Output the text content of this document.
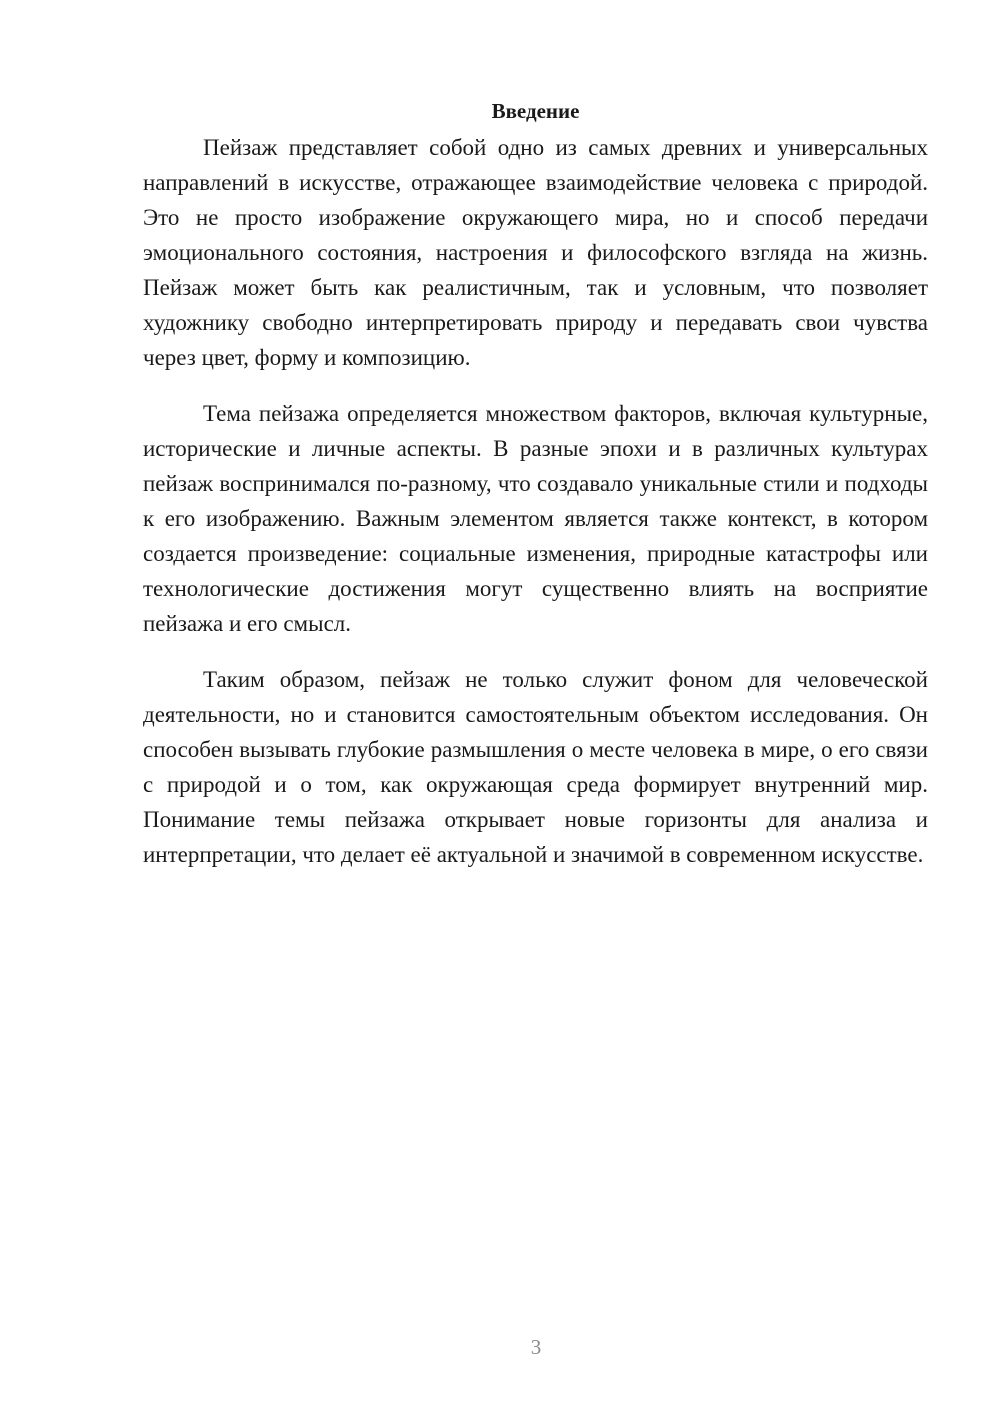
Введение

Пейзаж представляет собой одно из самых древних и универсальных направлений в искусстве, отражающее взаимодействие человека с природой. Это не просто изображение окружающего мира, но и способ передачи эмоционального состояния, настроения и философского взгляда на жизнь. Пейзаж может быть как реалистичным, так и условным, что позволяет художнику свободно интерпретировать природу и передавать свои чувства через цвет, форму и композицию.

Тема пейзажа определяется множеством факторов, включая культурные, исторические и личные аспекты. В разные эпохи и в различных культурах пейзаж воспринимался по-разному, что создавало уникальные стили и подходы к его изображению. Важным элементом является также контекст, в котором создается произведение: социальные изменения, природные катастрофы или технологические достижения могут существенно влиять на восприятие пейзажа и его смысл.

Таким образом, пейзаж не только служит фоном для человеческой деятельности, но и становится самостоятельным объектом исследования. Он способен вызывать глубокие размышления о месте человека в мире, о его связи с природой и о том, как окружающая среда формирует внутренний мир. Понимание темы пейзажа открывает новые горизонты для анализа и интерпретации, что делает её актуальной и значимой в современном искусстве.

3
